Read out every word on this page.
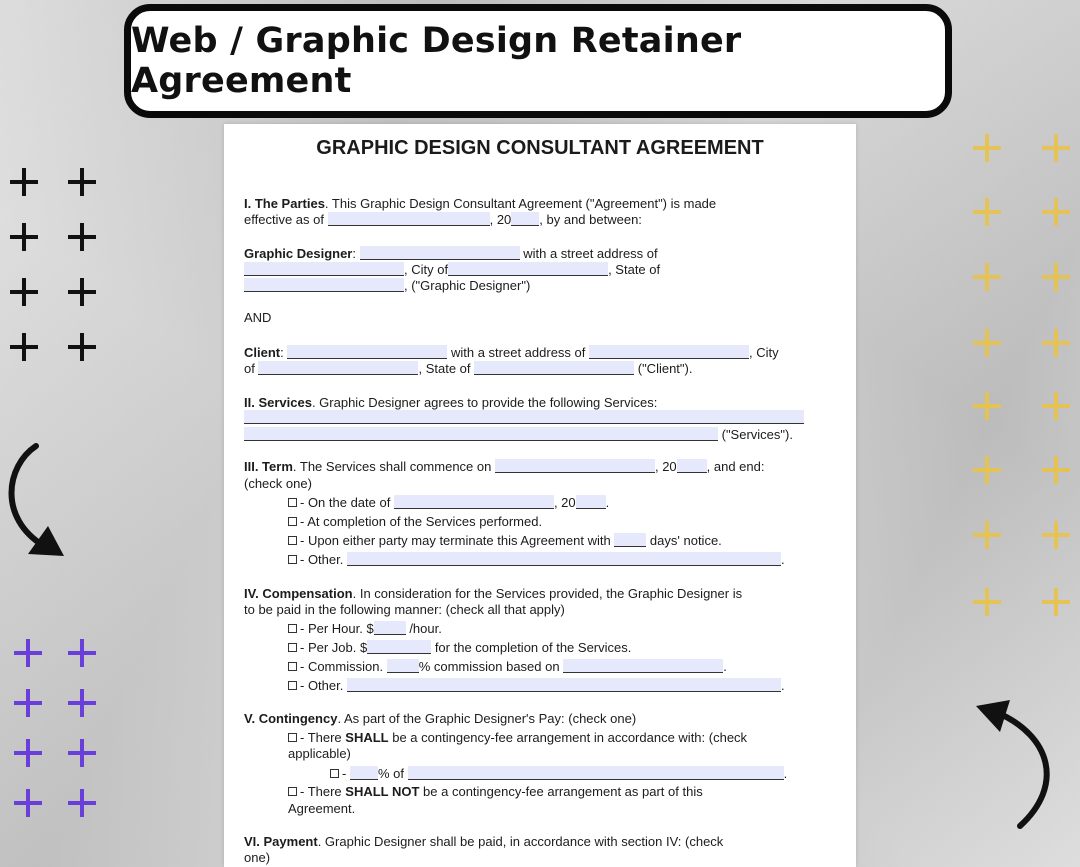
Web / Graphic Design Retainer Agreement
GRAPHIC DESIGN CONSULTANT AGREEMENT
I. The Parties. This Graphic Design Consultant Agreement ("Agreement") is made
effective as of	, 20 , by and between:
Graphic Designer:	with a street address of
, City of	, State of
, ("Graphic Designer")
AND
Client:	with a street address of	, City
of	, State of	("Client").
II. Services. Graphic Designer agrees to provide the following Services:
("Services").
III. Term. The Services shall commence on	, 20 , and end:
(check one)
- On the date of	, 20 .
- At completion of the Services performed.
- Upon either party may terminate this Agreement with  days' notice.
- Other.	.
IV. Compensation. In consideration for the Services provided, the Graphic Designer is
to be paid in the following manner: (check all that apply)
- Per Hour. $ /hour.
- Per Job. $	for the completion of the Services.
- Commission. % commission based on	.
- Other.	.
V. Contingency. As part of the Graphic Designer's Pay: (check one)
- There SHALL be a contingency-fee arrangement in accordance with: (check
applicable)
- % of	.
- There SHALL NOT be a contingency-fee arrangement as part of this
Agreement.
VI. Payment. Graphic Designer shall be paid, in accordance with section IV: (check
one)
